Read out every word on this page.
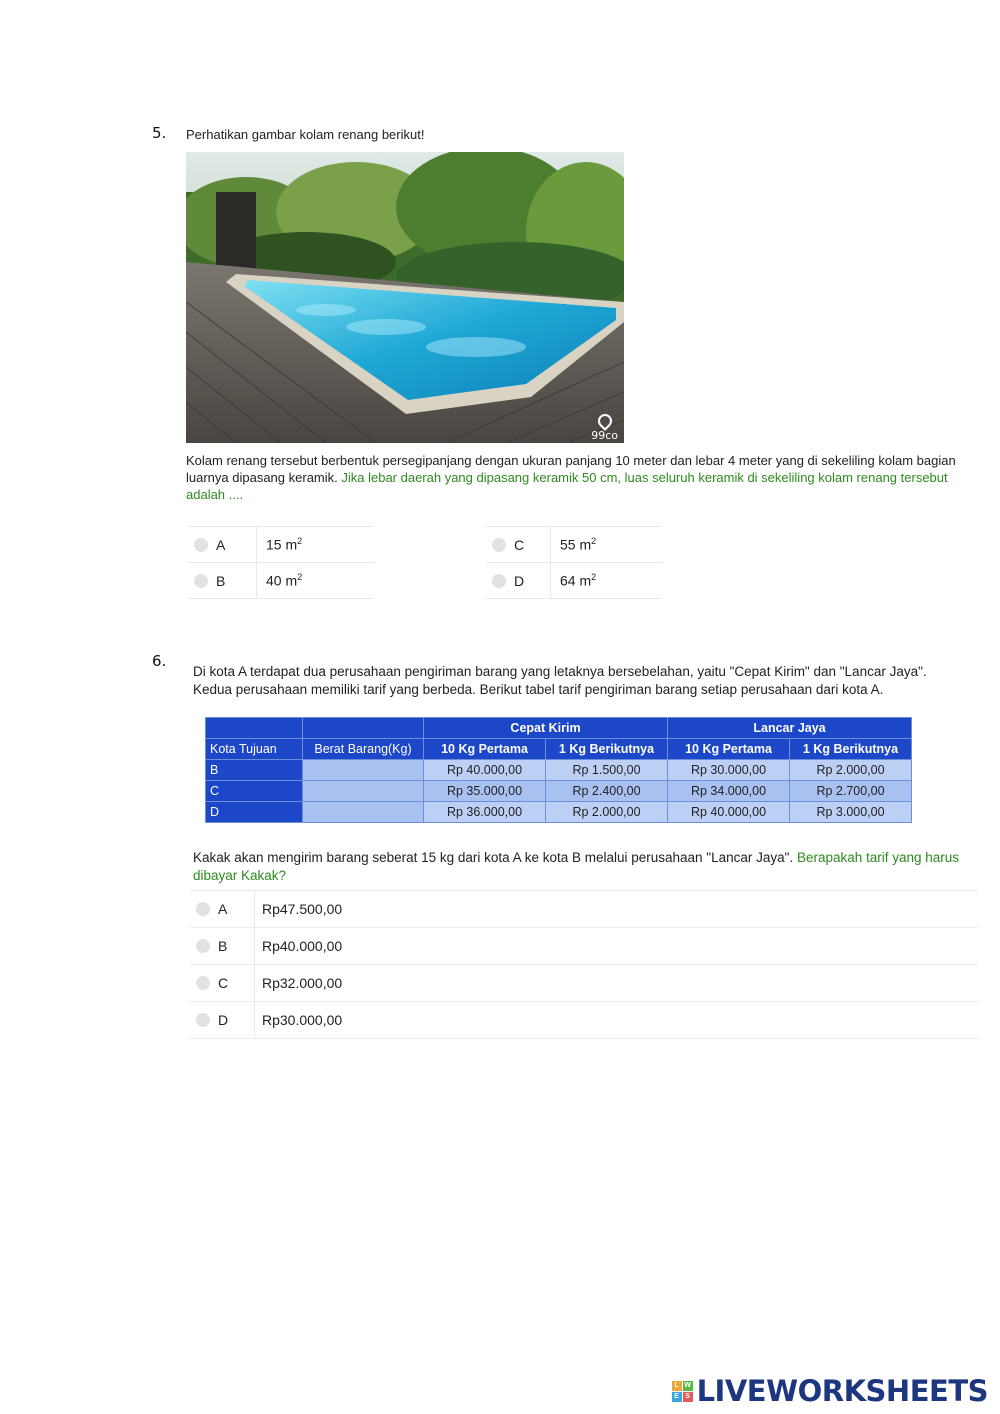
5. Perhatikan gambar kolam renang berikut!
99co
Kolam renang tersebut berbentuk persegipanjang dengan ukuran panjang 10 meter dan lebar 4 meter yang di sekeliling kolam bagian luarnya dipasang keramik. Jika lebar daerah yang dipasang keramik 50 cm, luas seluruh keramik di sekeliling kolam renang tersebut adalah ....
A	15 $m^2$
B	40 $m^2$
C	55 $m^2$
D	64 $m^2$
6.
Di kota A terdapat dua perusahaan pengiriman barang yang letaknya bersebelahan, yaitu "Cepat Kirim" dan "Lancar Jaya".
Kedua perusahaan memiliki tarif yang berbeda. Berikut tabel tarif pengiriman barang setiap perusahaan dari kota A.
		Cepat Kirim		Lancar Jaya	
Kota Tujuan	Berat Barang(Kg)	10 Kg Pertama	1 Kg Berikutnya	10 Kg Pertama	1 Kg Berikutnya
B		Rp 40.000,00	Rp 1.500,00	Rp 30.000,00	Rp 2.000,00
C		Rp 35.000,00	Rp 2.400,00	Rp 34.000,00	Rp 2.700,00
D		Rp 36.000,00	Rp 2.000,00	Rp 40.000,00	Rp 3.000,00
Kakak akan mengirim barang seberat 15 kg dari kota A ke kota B melalui perusahaan "Lancar Jaya". Berapakah tarif yang harus dibayar Kakak?
A Rp47.500,00
B Rp40.000,00
C Rp32.000,00
D Rp30.000,00
L W
E S LIVEWORKSHEETS
